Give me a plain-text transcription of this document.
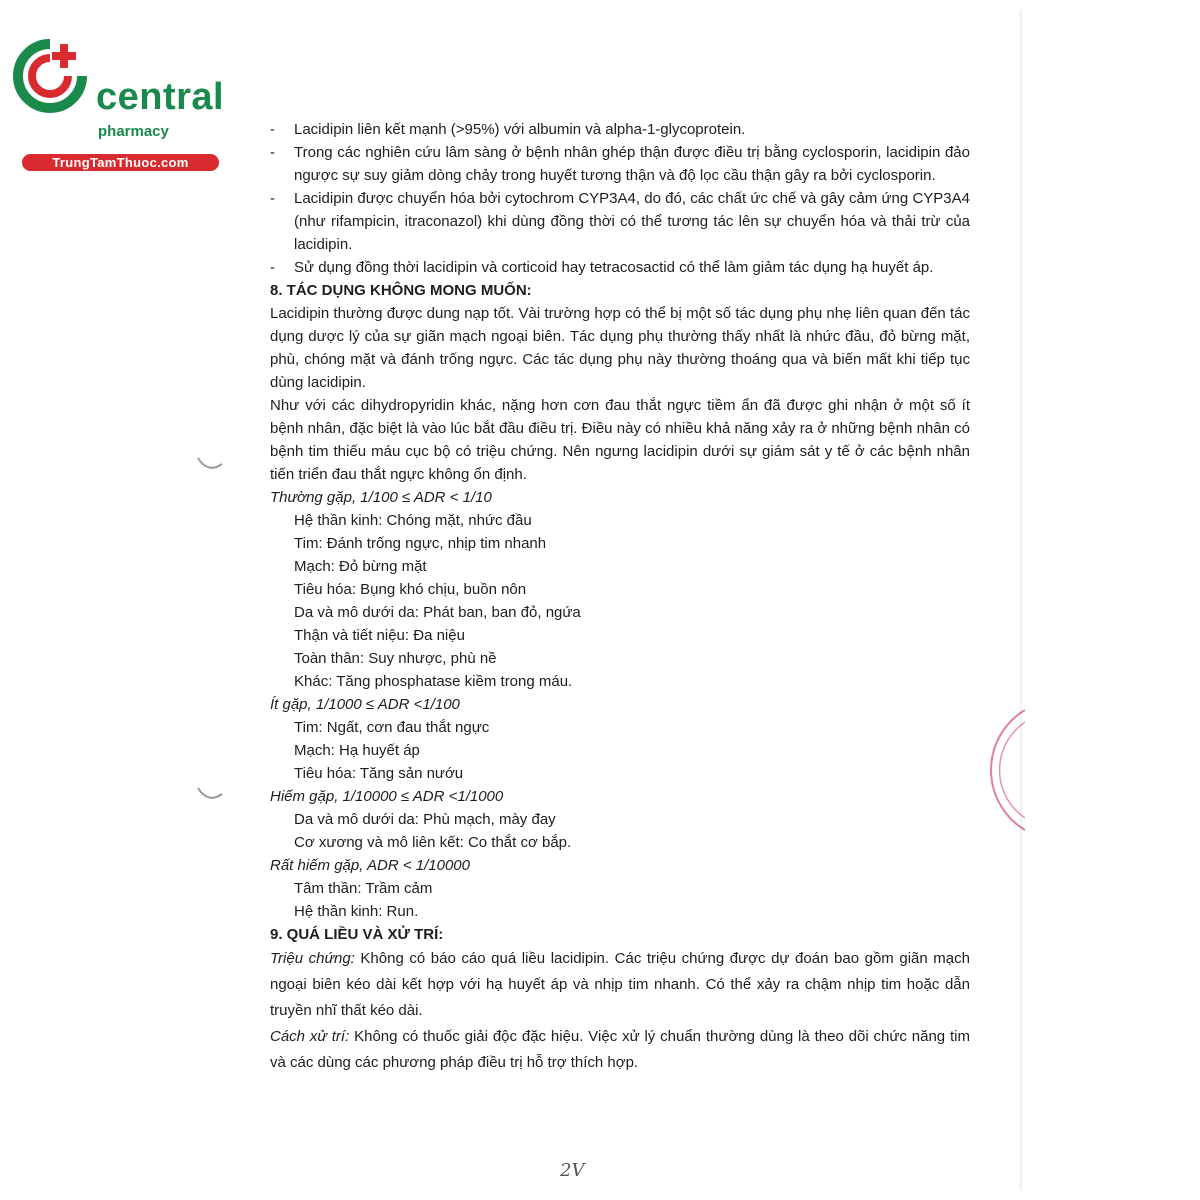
central
pharmacy
TrungTamThuoc.com

- Lacidipin liên kết mạnh (>95%) với albumin và alpha-1-glycoprotein.

- Trong các nghiên cứu lâm sàng ở bệnh nhân ghép thận được điều trị bằng cyclosporin, lacidipin đảo ngược sự suy giảm dòng chảy trong huyết tương thận và độ lọc cầu thận gây ra bởi cyclosporin.

- Lacidipin được chuyển hóa bởi cytochrom CYP3A4, do đó, các chất ức chế và gây cảm ứng CYP3A4 (như rifampicin, itraconazol) khi dùng đồng thời có thể tương tác lên sự chuyển hóa và thải trừ của lacidipin.

- Sử dụng đồng thời lacidipin và corticoid hay tetracosactid có thể làm giảm tác dụng hạ huyết áp.

8. TÁC DỤNG KHÔNG MONG MUỐN:

Lacidipin thường được dung nạp tốt. Vài trường hợp có thể bị một số tác dụng phụ nhẹ liên quan đến tác dụng dược lý của sự giãn mạch ngoại biên. Tác dụng phụ thường thấy nhất là nhức đầu, đỏ bừng mặt, phù, chóng mặt và đánh trống ngực. Các tác dụng phụ này thường thoáng qua và biến mất khi tiếp tục dùng lacidipin.

Như với các dihydropyridin khác, nặng hơn cơn đau thắt ngực tiềm ẩn đã được ghi nhận ở một số ít bệnh nhân, đặc biệt là vào lúc bắt đầu điều trị. Điều này có nhiều khả năng xảy ra ở những bệnh nhân có bệnh tim thiếu máu cục bộ có triệu chứng. Nên ngưng lacidipin dưới sự giám sát y tế ở các bệnh nhân tiến triển đau thắt ngực không ổn định.

Thường gặp, 1/100 ≤ ADR < 1/10

Hệ thần kinh: Chóng mặt, nhức đầu

Tim: Đánh trống ngực, nhịp tim nhanh

Mạch: Đỏ bừng mặt

Tiêu hóa: Bụng khó chịu, buồn nôn

Da và mô dưới da: Phát ban, ban đỏ, ngứa

Thận và tiết niệu: Đa niệu

Toàn thân: Suy nhược, phù nề

Khác: Tăng phosphatase kiềm trong máu.

Ít gặp, 1/1000 ≤ ADR <1/100

Tim: Ngất, cơn đau thắt ngực

Mạch: Hạ huyết áp

Tiêu hóa: Tăng sản nướu

Hiếm gặp, 1/10000 ≤ ADR <1/1000

Da và mô dưới da: Phù mạch, mày đay

Cơ xương và mô liên kết: Co thắt cơ bắp.

Rất hiếm gặp, ADR < 1/10000

Tâm thần: Trầm cảm

Hệ thần kinh: Run.

9. QUÁ LIỀU VÀ XỬ TRÍ:

Triệu chứng: Không có báo cáo quá liều lacidipin. Các triệu chứng được dự đoán bao gồm giãn mạch ngoại biên kéo dài kết hợp với hạ huyết áp và nhịp tim nhanh. Có thể xảy ra chậm nhịp tim hoặc dẫn truyền nhĩ thất kéo dài.

Cách xử trí: Không có thuốc giải độc đặc hiệu. Việc xử lý chuẩn thường dùng là theo dõi chức năng tim và các dùng các phương pháp điều trị hỗ trợ thích hợp.

2V
